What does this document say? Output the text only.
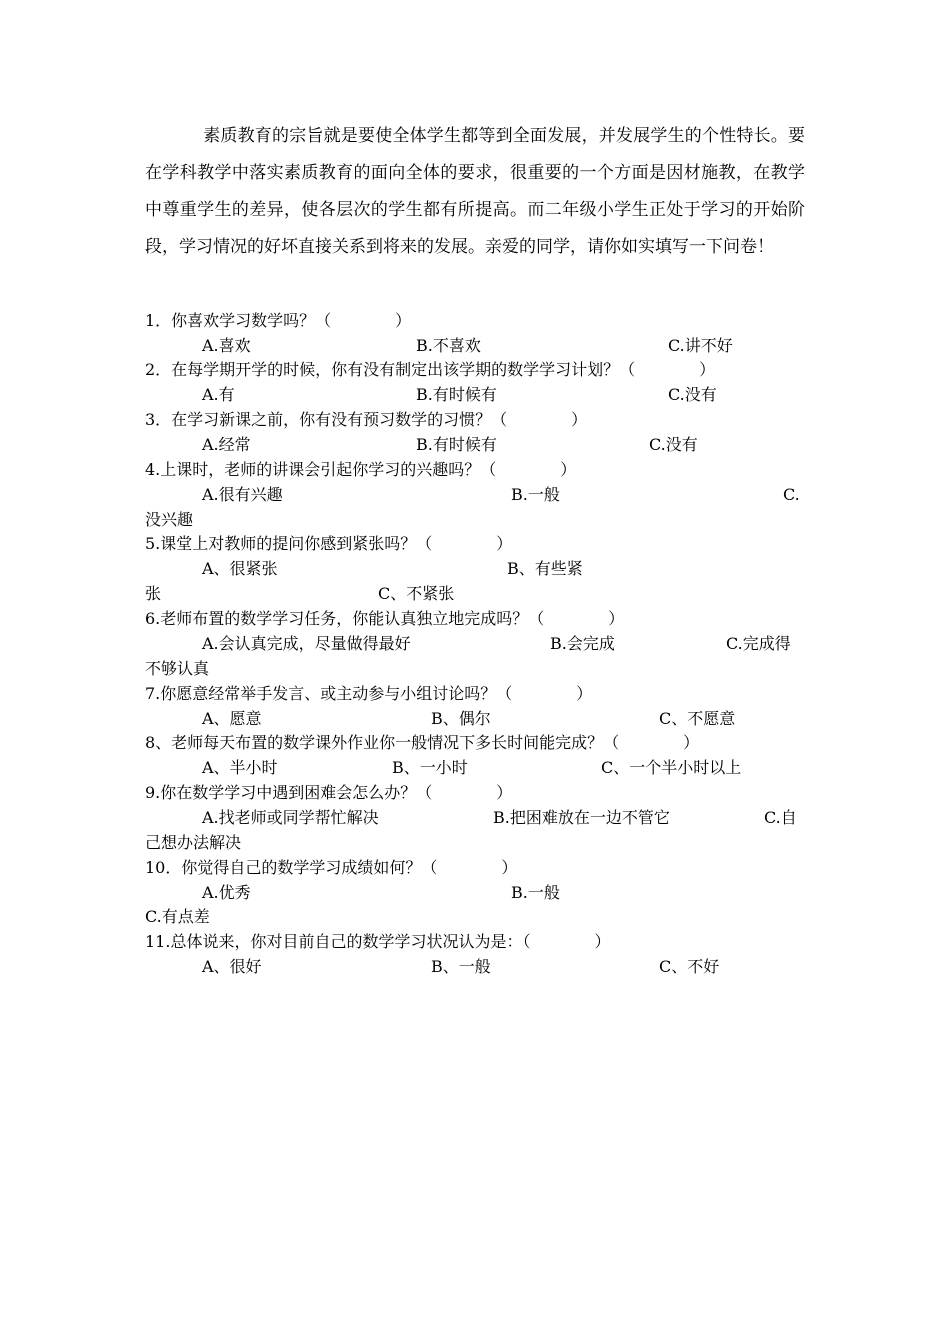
素质教育的宗旨就是要使全体学生都等到全面发展，并发展学生的个性特长。要在学科教学中落实素质教育的面向全体的要求，很重要的一个方面是因材施教，在教学中尊重学生的差异，使各层次的学生都有所提高。而二年级小学生正处于学习的开始阶段，学习情况的好坏直接关系到将来的发展。亲爱的同学，请你如实填写一下问卷！

1．你喜欢学习数学吗？（　　　　）

A.喜欢	B.不喜欢	C.讲不好

2．在每学期开学的时候，你有没有制定出该学期的数学学习计划？（　　　　）

A.有	B.有时候有	C.没有

3．在学习新课之前，你有没有预习数学的习惯？（　　　　）

A.经常	B.有时候有	C.没有

4.上课时，老师的讲课会引起你学习的兴趣吗？（　　　　）

A.很有兴趣	B.一般	C.

没兴趣

5.课堂上对教师的提问你感到紧张吗？（　　　　）

A、很紧张	B、有些紧

张	C、不紧张

6.老师布置的数学学习任务，你能认真独立地完成吗？（　　　　）

A.会认真完成，尽量做得最好	B.会完成	C.完成得

不够认真

7.你愿意经常举手发言、或主动参与小组讨论吗？（　　　　）

A、愿意	B、偶尔	C、不愿意

8、老师每天布置的数学课外作业你一般情况下多长时间能完成？（　　　　）

A、半小时	B、一小时	C、一个半小时以上

9.你在数学学习中遇到困难会怎么办？（　　　　）

A.找老师或同学帮忙解决	B.把困难放在一边不管它	C.自

己想办法解决

10．你觉得自己的数学学习成绩如何？（　　　　）

A.优秀	B.一般

C.有点差

11.总体说来，你对目前自己的数学学习状况认为是：（　　　　）

A、很好	B、一般	C、不好
